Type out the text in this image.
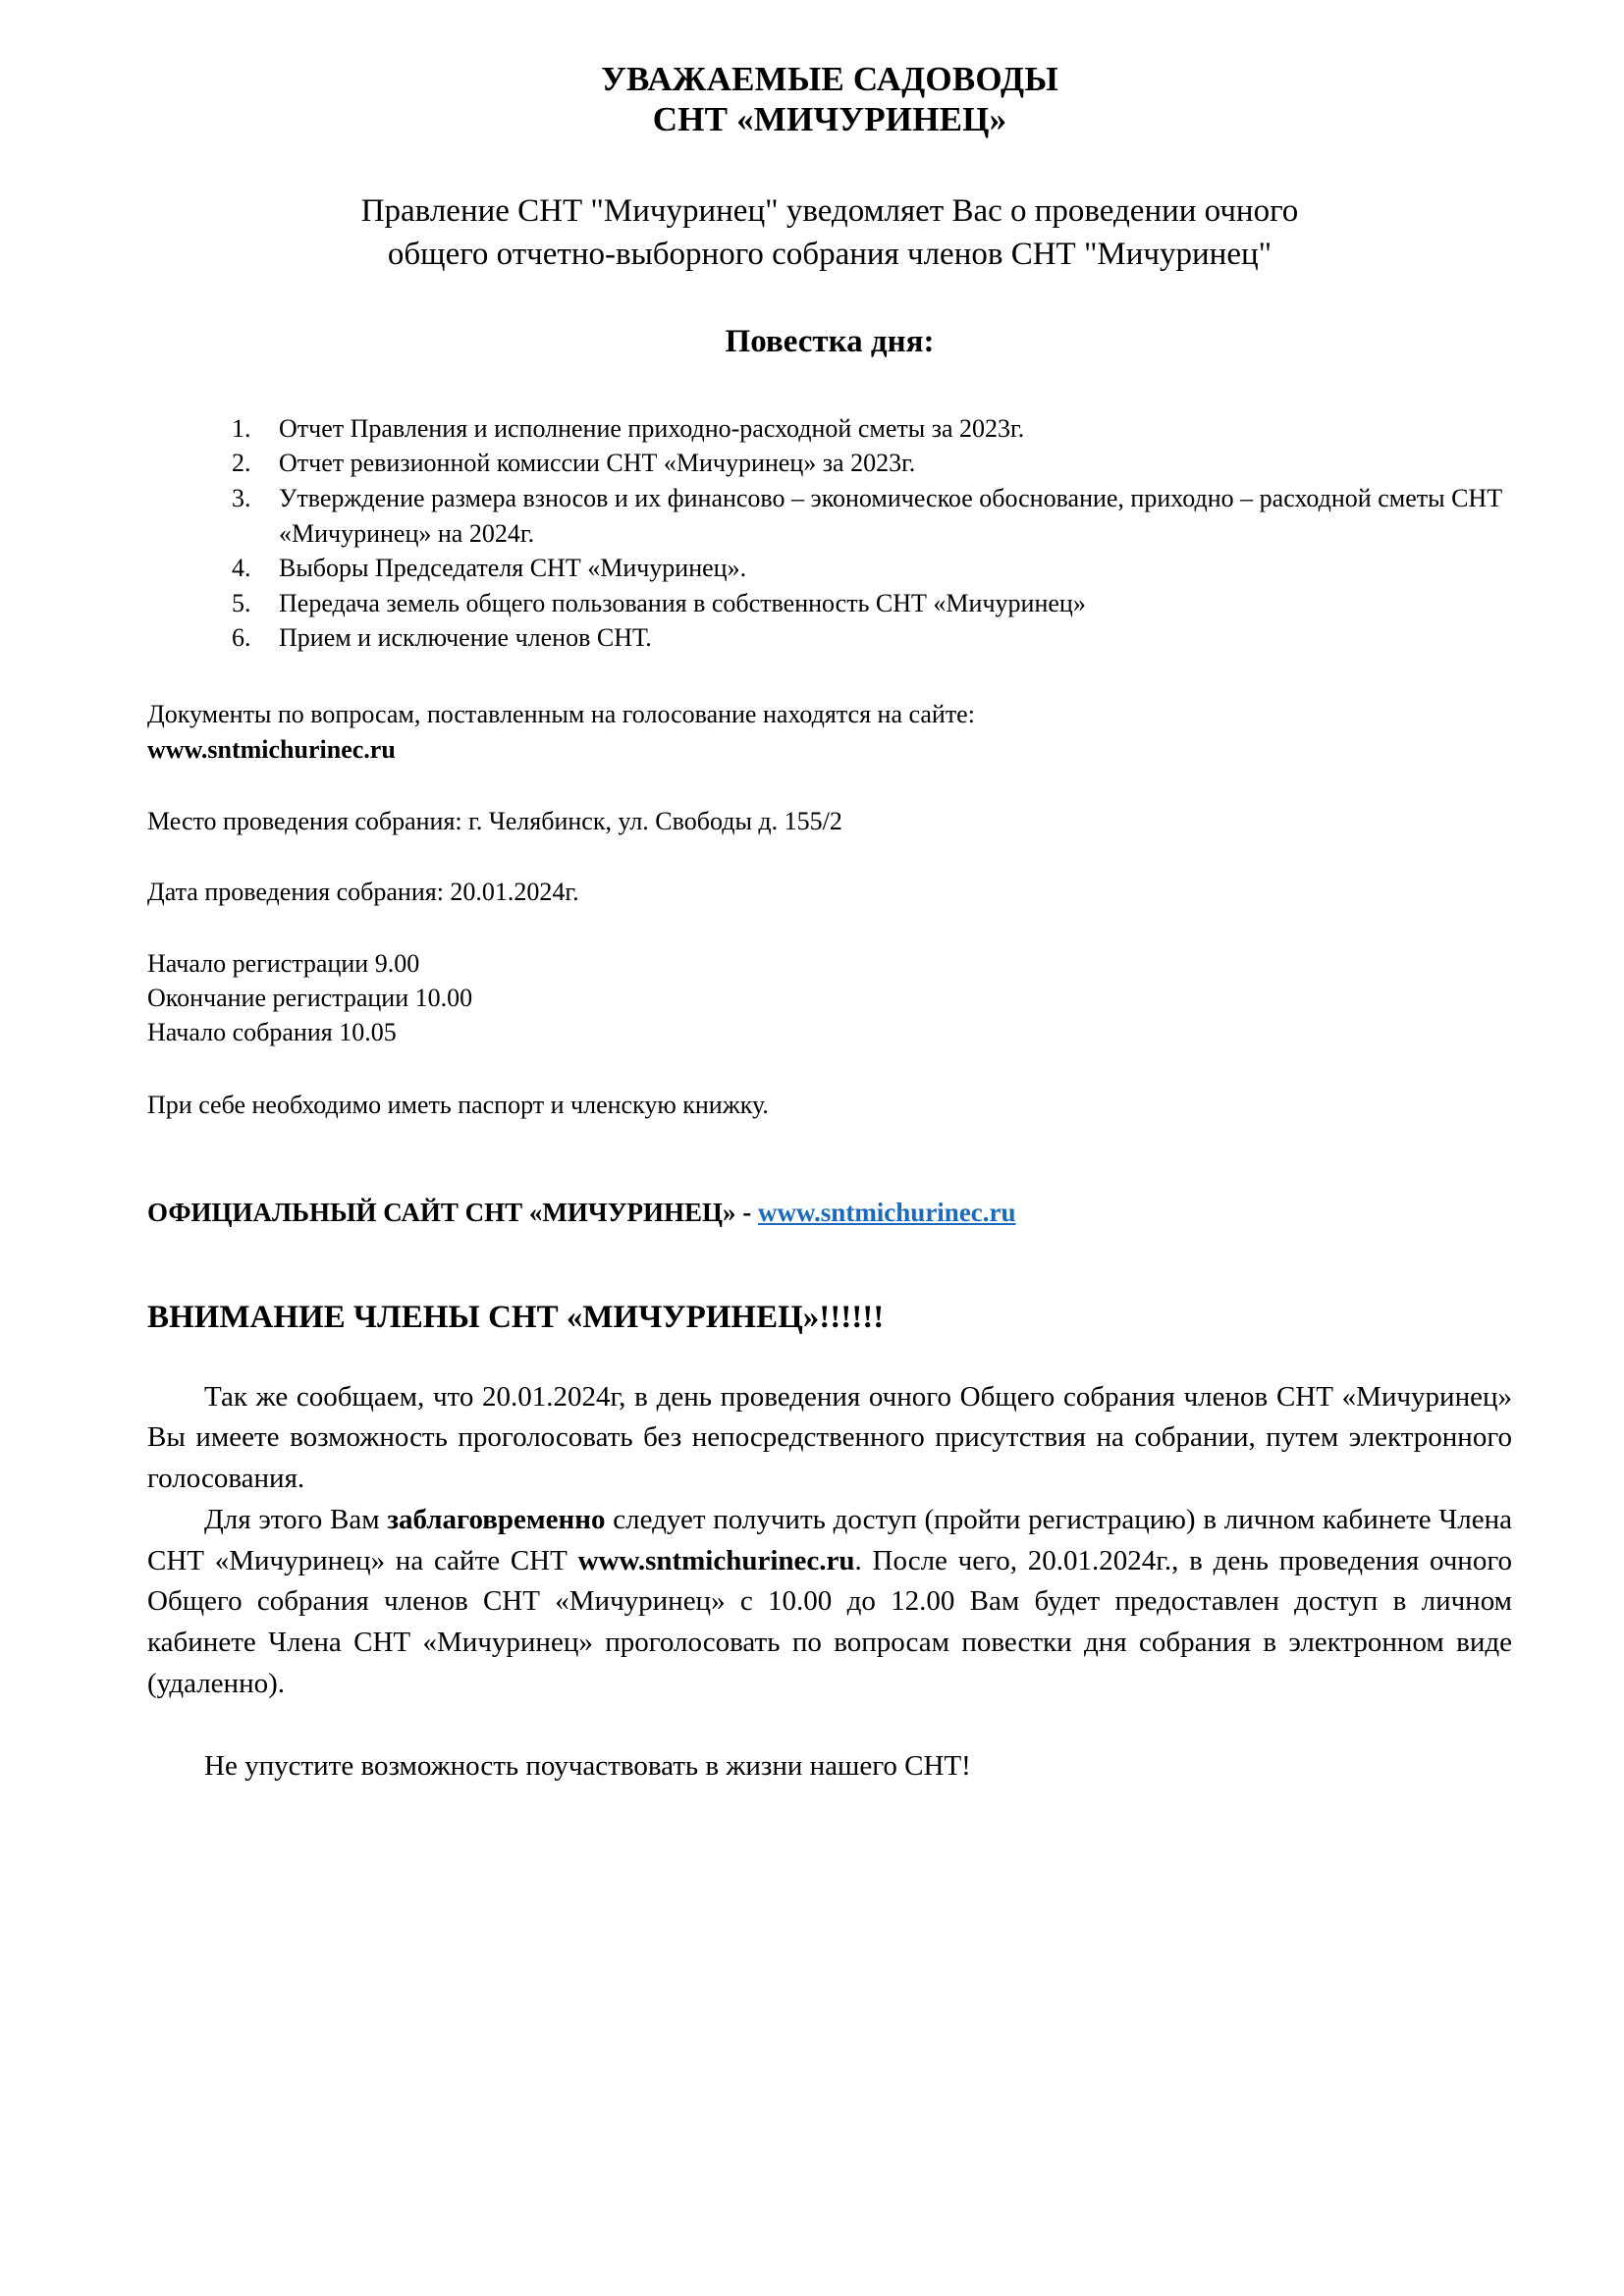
УВАЖАЕМЫЕ САДОВОДЫ
СНТ «МИЧУРИНЕЦ»

Правление СНТ "Мичуринец" уведомляет Вас о проведении очного
общего отчетно-выборного собрания членов СНТ "Мичуринец"

Повестка дня:
1. Отчет Правления и исполнение приходно-расходной сметы за 2023г.
2. Отчет ревизионной комиссии СНТ «Мичуринец» за 2023г.
3. Утверждение размера взносов и их финансово – экономическое обоснование, приходно – расходной сметы СНТ «Мичуринец» на 2024г.
4. Выборы Председателя СНТ «Мичуринец».
5. Передача земель общего пользования в собственность СНТ «Мичуринец»
6. Прием и исключение членов СНТ.
Документы по вопросам, поставленным на голосование находятся на сайте:
www.sntmichurinec.ru
Место проведения собрания: г. Челябинск, ул. Свободы д. 155/2
Дата проведения собрания: 20.01.2024г.
Начало регистрации 9.00
Окончание регистрации 10.00
Начало собрания 10.05
При себе необходимо иметь паспорт и членскую книжку.
ОФИЦИАЛЬНЫЙ САЙТ СНТ «МИЧУРИНЕЦ» - www.sntmichurinec.ru
ВНИМАНИЕ ЧЛЕНЫ СНТ «МИЧУРИНЕЦ»!!!!!!

Так же сообщаем, что 20.01.2024г, в день проведения очного Общего собрания членов СНТ «Мичуринец» Вы имеете возможность проголосовать без непосредственного присутствия на собрании, путем электронного голосования.

Для этого Вам заблаговременно следует получить доступ (пройти регистрацию) в личном кабинете Члена СНТ «Мичуринец» на сайте СНТ www.sntmichurinec.ru. После чего, 20.01.2024г., в день проведения очного Общего собрания членов СНТ «Мичуринец» с 10.00 до 12.00 Вам будет предоставлен доступ в личном кабинете Члена СНТ «Мичуринец» проголосовать по вопросам повестки дня собрания в электронном виде (удаленно).

Не упустите возможность поучаствовать в жизни нашего СНТ!
